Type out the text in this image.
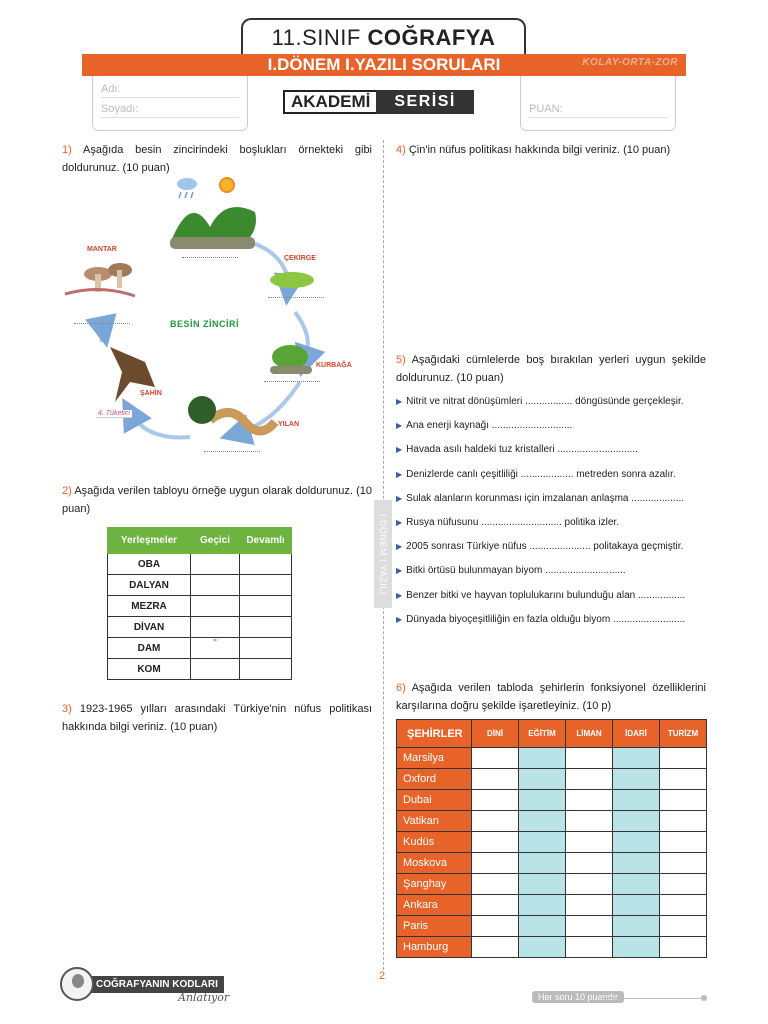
11.SINIF COĞRAFYA
I.DÖNEM I.YAZILI SORULARI	KOLAY-ORTA-ZOR
Adı:
Soyadı:	PUAN:
AKADEMİ	SERİSİ
I.DÖNEM I.YAZILI
1) Aşağıda besin zincirindeki boşlukları örnekteki gibi doldurunuz. (10 puan)
BESİN ZİNCİRİ
MANTAR
ÇEKİRGE
KURBAĞA
ŞAHİN
YILAN
4. Tüketici
2) Aşağıda verilen tabloyu örneğe uygun olarak doldurunuz. (10 puan)
Yerleşmeler	Geçici	Devamlı
OBA		
DALYAN		
MEZRA		
DİVAN		
DAM	"	
KOM		
3) 1923-1965 yılları arasındaki Türkiye'nin nüfus politikası hakkında bilgi veriniz. (10 puan)
4) Çin'in nüfus politikası hakkında bilgi veriniz. (10 puan)
5) Aşağıdaki cümlelerde boş bırakılan yerleri uygun şekilde doldurunuz. (10 puan)
▶ Nitrit ve nitrat dönüşümleri ................. döngüsünde gerçekleşir.
▶ Ana enerji kaynağı .............................
▶ Havada asılı haldeki tuz kristalleri .............................
▶ Denizlerde canlı çeşitliliği ................... metreden sonra azalır.
▶ Sulak alanların korunması için imzalanan anlaşma ...................
▶ Rusya nüfusunu ............................. politika izler.
▶ 2005 sonrası Türkiye nüfus ...................... politakaya geçmiştir.
▶ Bitki örtüsü bulunmayan biyom .............................
▶ Benzer bitki ve hayvan toplulukarını bulunduğu alan .................
▶ Dünyada biyoçeşitliliğin en fazla olduğu biyom ..........................
6) Aşağıda verilen tabloda şehirlerin fonksiyonel özelliklerini karşılarına doğru şekilde işaretleyiniz. (10 p)
ŞEHİRLER	DİNİ	EĞİTİM	LİMAN	İDARİ	TURİZM
Marsilya					
Oxford					
Dubai					
Vatikan					
Kudüs					
Moskova					
Şanghay					
Ankara					
Paris					
Hamburg					
COĞRAFYANIN KODLARI
Anlatıyor
2
Her soru 10 puandır
